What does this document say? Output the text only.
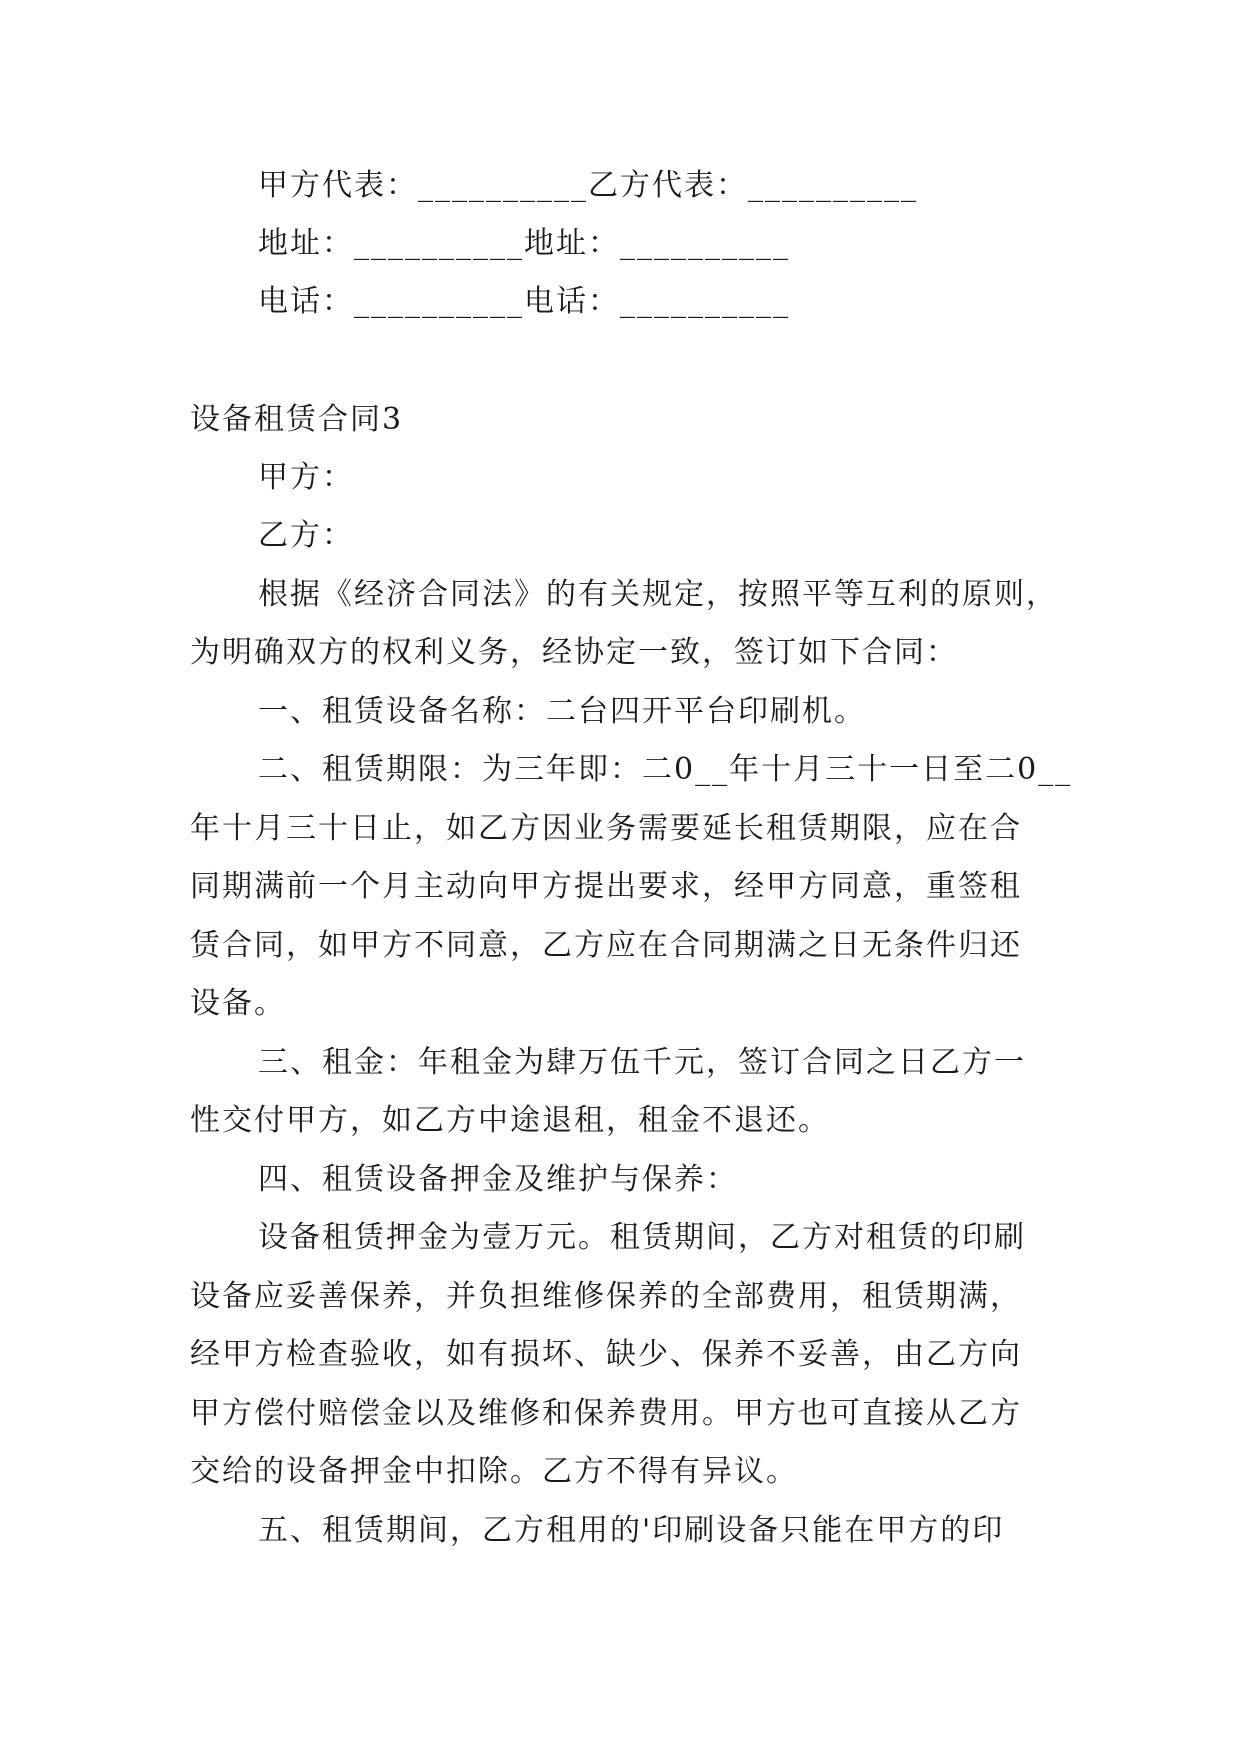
甲方代表：__________乙方代表：__________
地址：__________地址：__________
电话：__________电话：__________
设备租赁合同3
甲方：
乙方：
根据《经济合同法》的有关规定，按照平等互利的原则，
为明确双方的权利义务，经协定一致，签订如下合同：
一、租赁设备名称：二台四开平台印刷机。
二、租赁期限：为三年即：二0__年十月三十一日至二0__
年十月三十日止，如乙方因业务需要延长租赁期限，应在合
同期满前一个月主动向甲方提出要求，经甲方同意，重签租
赁合同，如甲方不同意，乙方应在合同期满之日无条件归还
设备。
三、租金：年租金为肆万伍千元，签订合同之日乙方一
性交付甲方，如乙方中途退租，租金不退还。
四、租赁设备押金及维护与保养：
设备租赁押金为壹万元。租赁期间，乙方对租赁的印刷
设备应妥善保养，并负担维修保养的全部费用，租赁期满，
经甲方检查验收，如有损坏、缺少、保养不妥善，由乙方向
甲方偿付赔偿金以及维修和保养费用。甲方也可直接从乙方
交给的设备押金中扣除。乙方不得有异议。
五、租赁期间，乙方租用的'印刷设备只能在甲方的印
